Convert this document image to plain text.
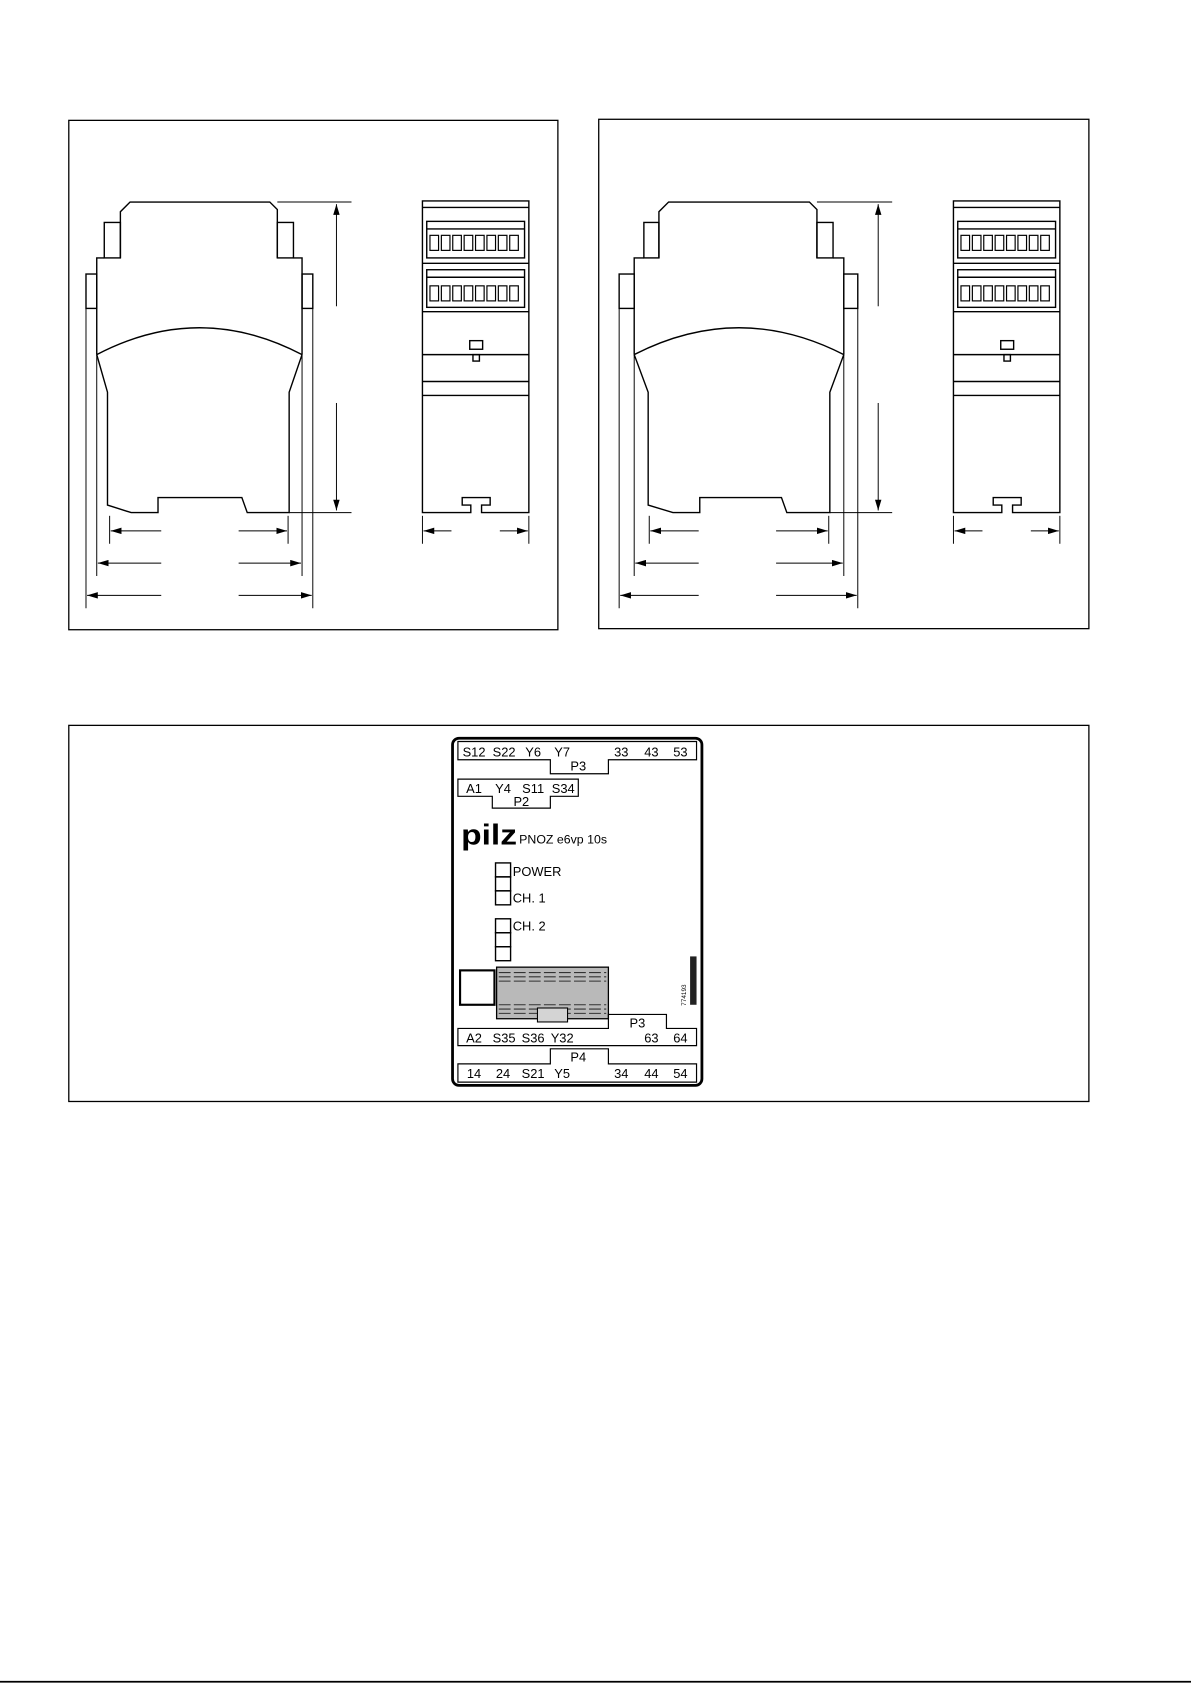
S12 S22 Y6 Y7	33 43 53
P3
A1 Y4 S11 S34
P2
pilz PNOZ e6vp 10s
POWER
CH. 1
CH. 2
774193
P3
A2 S35 S36 Y32	63 64
P4
14 24 S21 Y5	34 44 54
